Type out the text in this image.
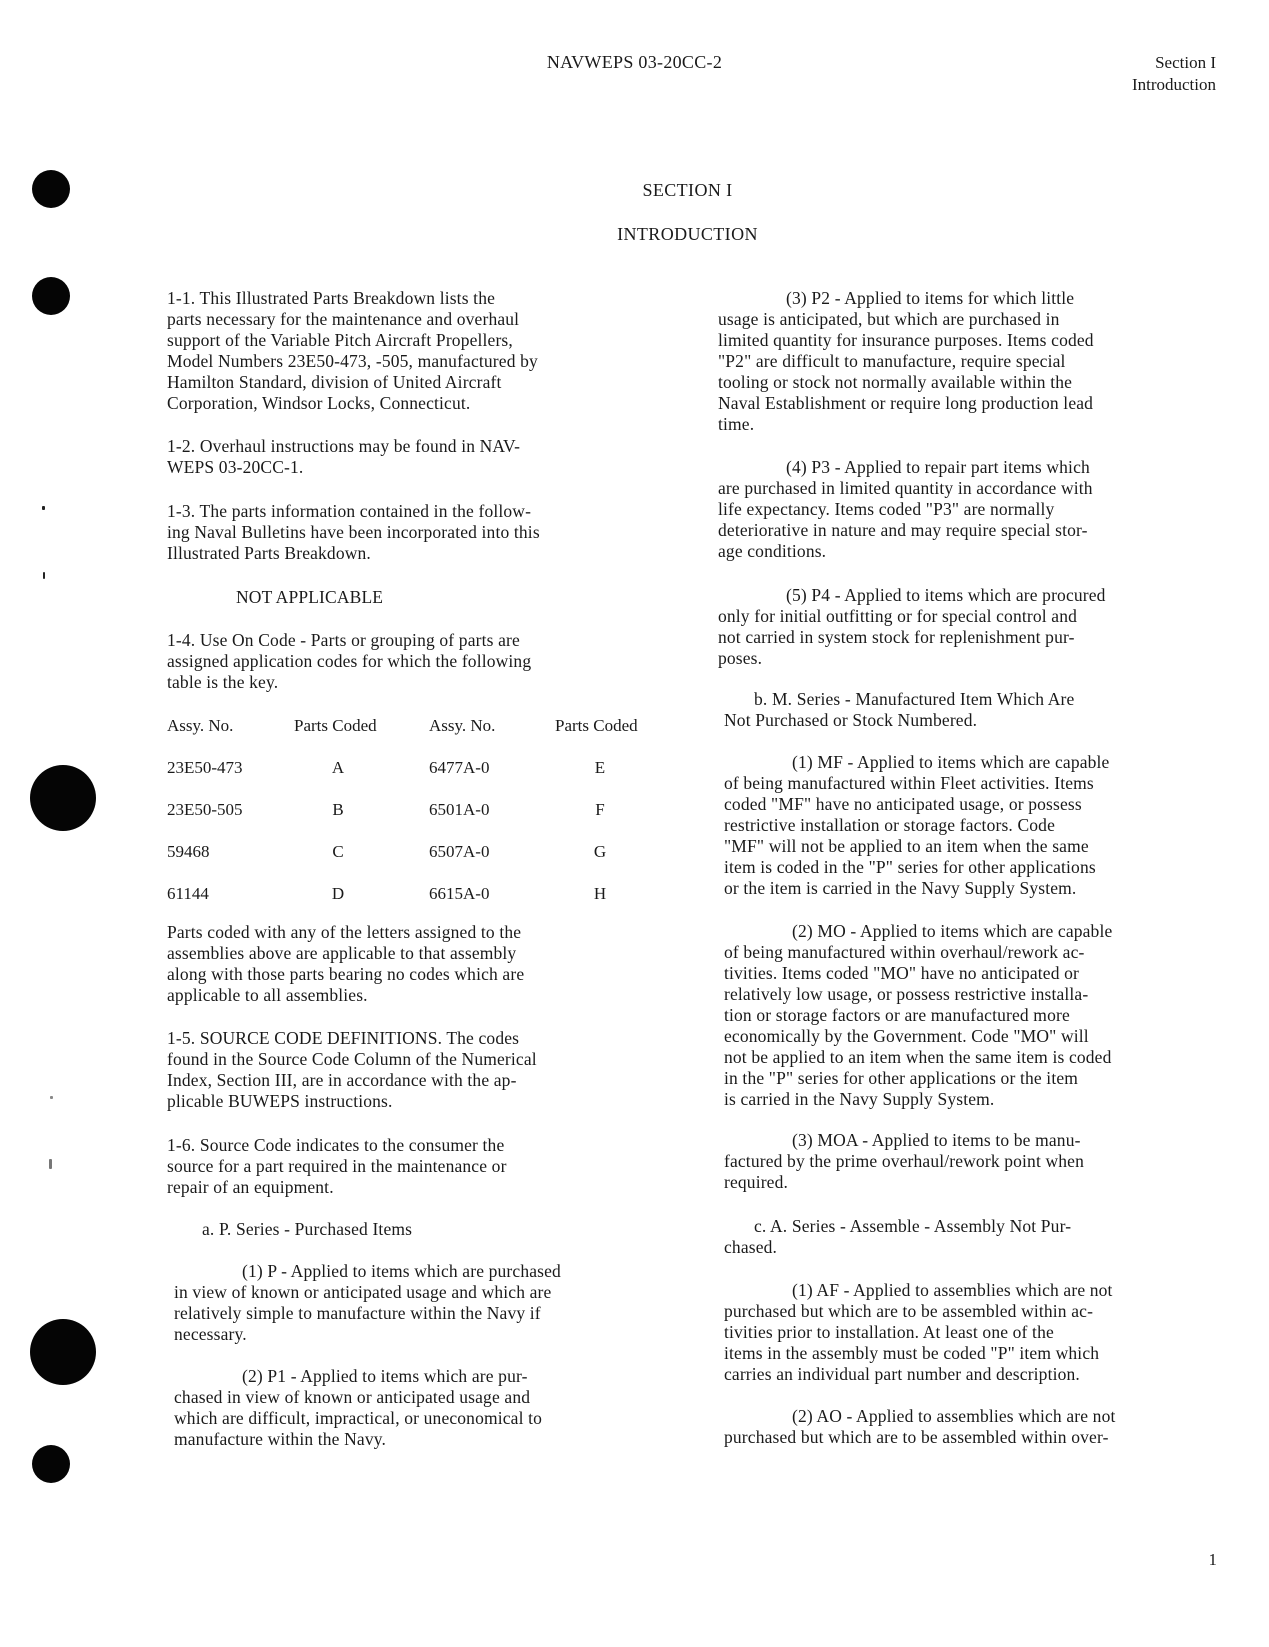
NAVWEPS 03-20CC-2	Section I
Introduction
SECTION I
INTRODUCTION

1-1. This Illustrated Parts Breakdown lists the
parts necessary for the maintenance and overhaul
support of the Variable Pitch Aircraft Propellers,
Model Numbers 23E50-473, -505, manufactured by
Hamilton Standard, division of United Aircraft
Corporation, Windsor Locks, Connecticut.

1-2. Overhaul instructions may be found in NAV-
WEPS 03-20CC-1.

1-3. The parts information contained in the follow-
ing Naval Bulletins have been incorporated into this
Illustrated Parts Breakdown.

NOT APPLICABLE

1-4. Use On Code - Parts or grouping of parts are
assigned application codes for which the following
table is the key.

Assy. No.	Parts Coded	Assy. No.	Parts Coded
23E50-473	A	6477A-0	E
23E50-505	B	6501A-0	F
59468	C	6507A-0	G
61144	D	6615A-0	H

Parts coded with any of the letters assigned to the
assemblies above are applicable to that assembly
along with those parts bearing no codes which are
applicable to all assemblies.

1-5. SOURCE CODE DEFINITIONS. The codes
found in the Source Code Column of the Numerical
Index, Section III, are in accordance with the ap-
plicable BUWEPS instructions.

1-6. Source Code indicates to the consumer the
source for a part required in the maintenance or
repair of an equipment.

a. P. Series - Purchased Items

(1) P - Applied to items which are purchased
in view of known or anticipated usage and which are
relatively simple to manufacture within the Navy if
necessary.

(2) P1 - Applied to items which are pur-
chased in view of known or anticipated usage and
which are difficult, impractical, or uneconomical to
manufacture within the Navy.

(3) P2 - Applied to items for which little
usage is anticipated, but which are purchased in
limited quantity for insurance purposes. Items coded
"P2" are difficult to manufacture, require special
tooling or stock not normally available within the
Naval Establishment or require long production lead
time.

(4) P3 - Applied to repair part items which
are purchased in limited quantity in accordance with
life expectancy. Items coded "P3" are normally
deteriorative in nature and may require special stor-
age conditions.

(5) P4 - Applied to items which are procured
only for initial outfitting or for special control and
not carried in system stock for replenishment pur-
poses.

b. M. Series - Manufactured Item Which Are
Not Purchased or Stock Numbered.

(1) MF - Applied to items which are capable
of being manufactured within Fleet activities. Items
coded "MF" have no anticipated usage, or possess
restrictive installation or storage factors. Code
"MF" will not be applied to an item when the same
item is coded in the "P" series for other applications
or the item is carried in the Navy Supply System.

(2) MO - Applied to items which are capable
of being manufactured within overhaul/rework ac-
tivities. Items coded "MO" have no anticipated or
relatively low usage, or possess restrictive installa-
tion or storage factors or are manufactured more
economically by the Government. Code "MO" will
not be applied to an item when the same item is coded
in the "P" series for other applications or the item
is carried in the Navy Supply System.

(3) MOA - Applied to items to be manu-
factured by the prime overhaul/rework point when
required.

c. A. Series - Assemble - Assembly Not Pur-
chased.

(1) AF - Applied to assemblies which are not
purchased but which are to be assembled within ac-
tivities prior to installation. At least one of the
items in the assembly must be coded "P" item which
carries an individual part number and description.

(2) AO - Applied to assemblies which are not
purchased but which are to be assembled within over-

1
